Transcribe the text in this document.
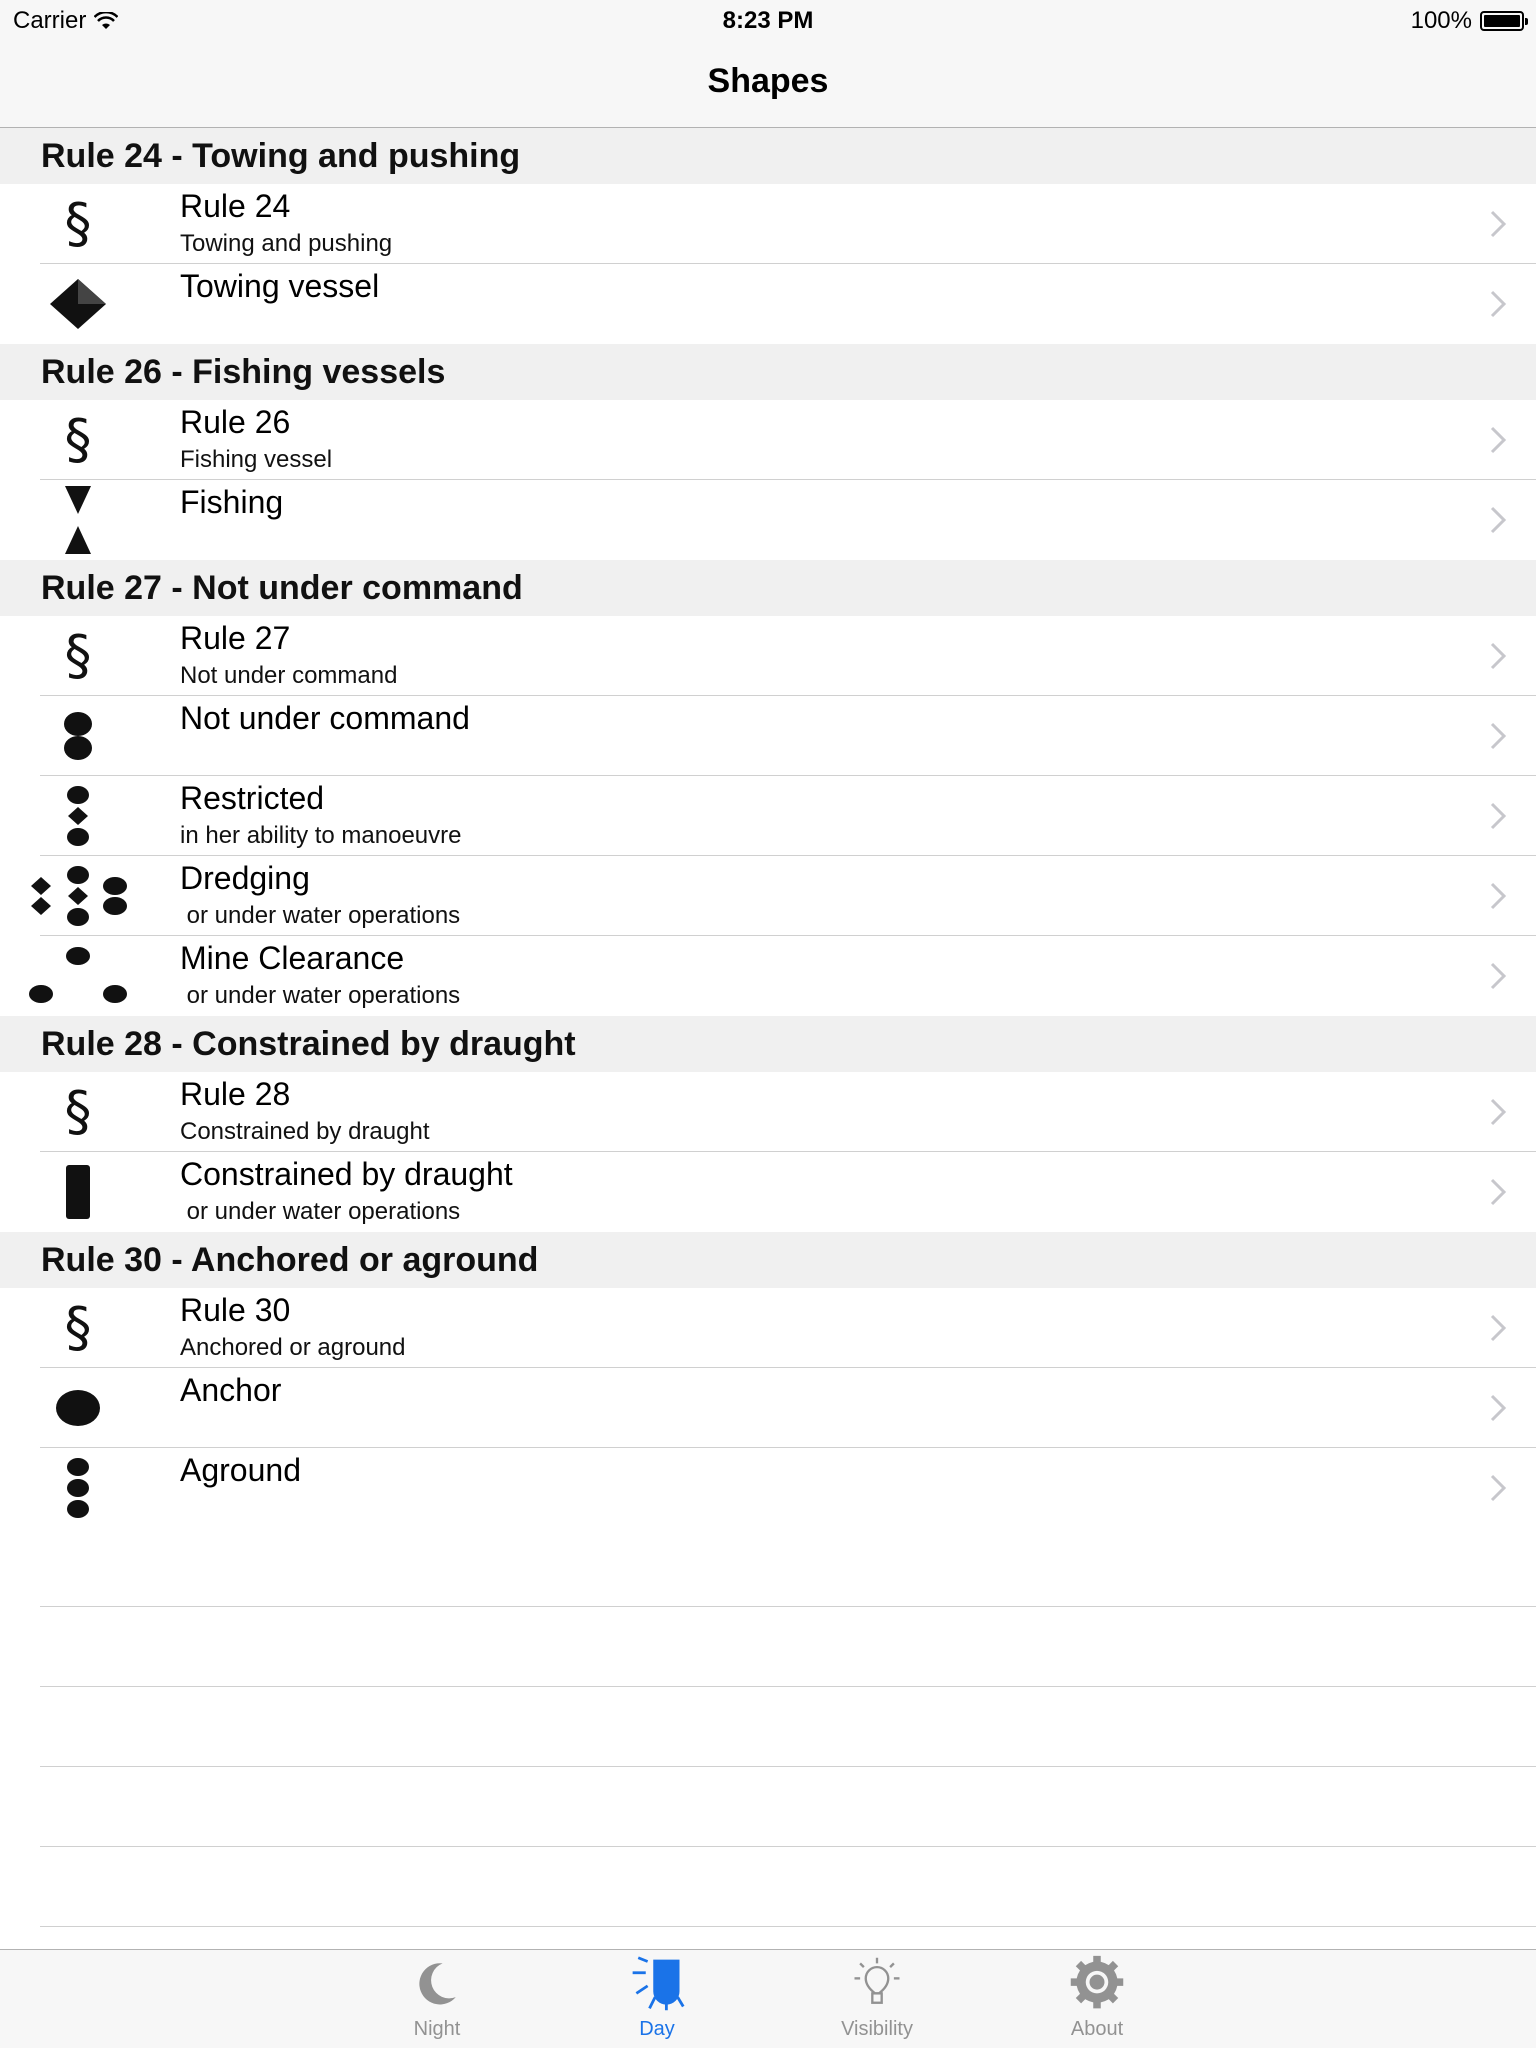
Carrier	8:23 PM	100%
Shapes
Rule 24 - Towing and pushing
§	Rule 24
Towing and pushing
Towing vessel
Rule 26 - Fishing vessels
§	Rule 26
Fishing vessel
Fishing
Rule 27 - Not under command
§	Rule 27
Not under command
Not under command
Restricted
in her ability to manoeuvre
Dredging
or under water operations
Mine Clearance
or under water operations
Rule 28 - Constrained by draught
§	Rule 28
Constrained by draught
Constrained by draught
or under water operations
Rule 30 - Anchored or aground
§	Rule 30
Anchored or aground
Anchor
Aground
Night	Day	Visibility	About
